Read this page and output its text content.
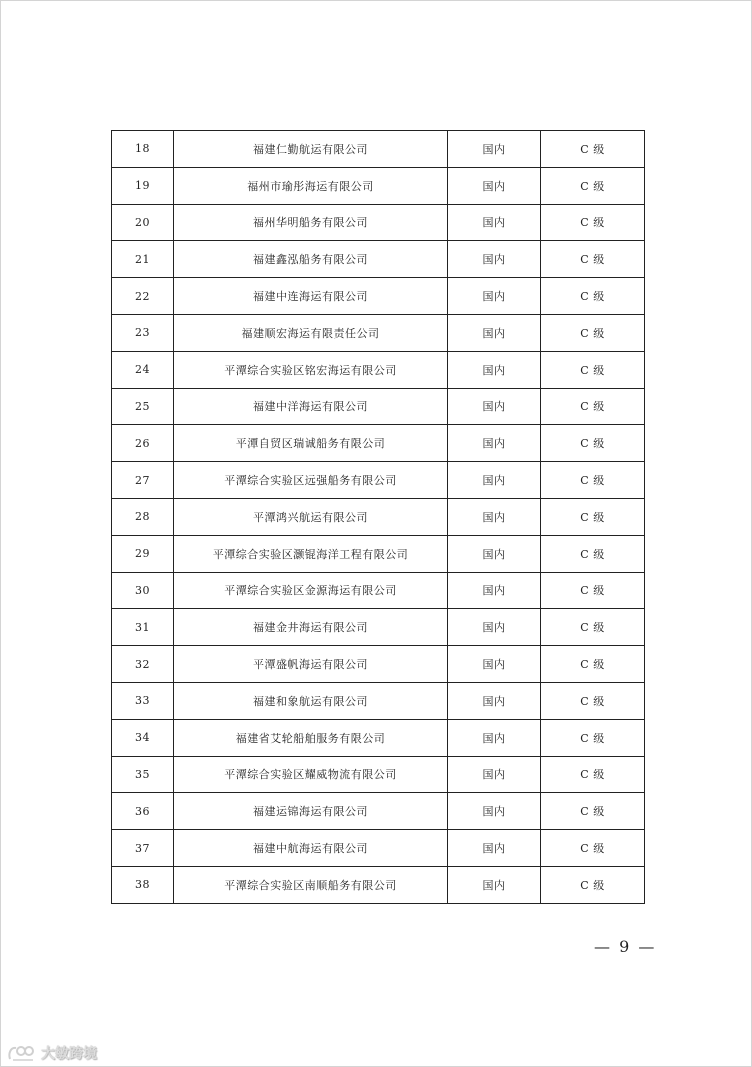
18	福建仁勤航运有限公司	国内	C 级
19	福州市瑜彤海运有限公司	国内	C 级
20	福州华明船务有限公司	国内	C 级
21	福建鑫泓船务有限公司	国内	C 级
22	福建中连海运有限公司	国内	C 级
23	福建顺宏海运有限责任公司	国内	C 级
24	平潭综合实验区铭宏海运有限公司	国内	C 级
25	福建中洋海运有限公司	国内	C 级
26	平潭自贸区瑞诚船务有限公司	国内	C 级
27	平潭综合实验区远强船务有限公司	国内	C 级
28	平潭鸿兴航运有限公司	国内	C 级
29	平潭综合实验区灏锟海洋工程有限公司	国内	C 级
30	平潭综合实验区金源海运有限公司	国内	C 级
31	福建金井海运有限公司	国内	C 级
32	平潭盛帆海运有限公司	国内	C 级
33	福建和象航运有限公司	国内	C 级
34	福建省艾轮船舶服务有限公司	国内	C 级
35	平潭综合实验区耀威物流有限公司	国内	C 级
36	福建运锦海运有限公司	国内	C 级
37	福建中航海运有限公司	国内	C 级
38	平潭综合实验区南顺船务有限公司	国内	C 级
— 9 —
大敏跨境
